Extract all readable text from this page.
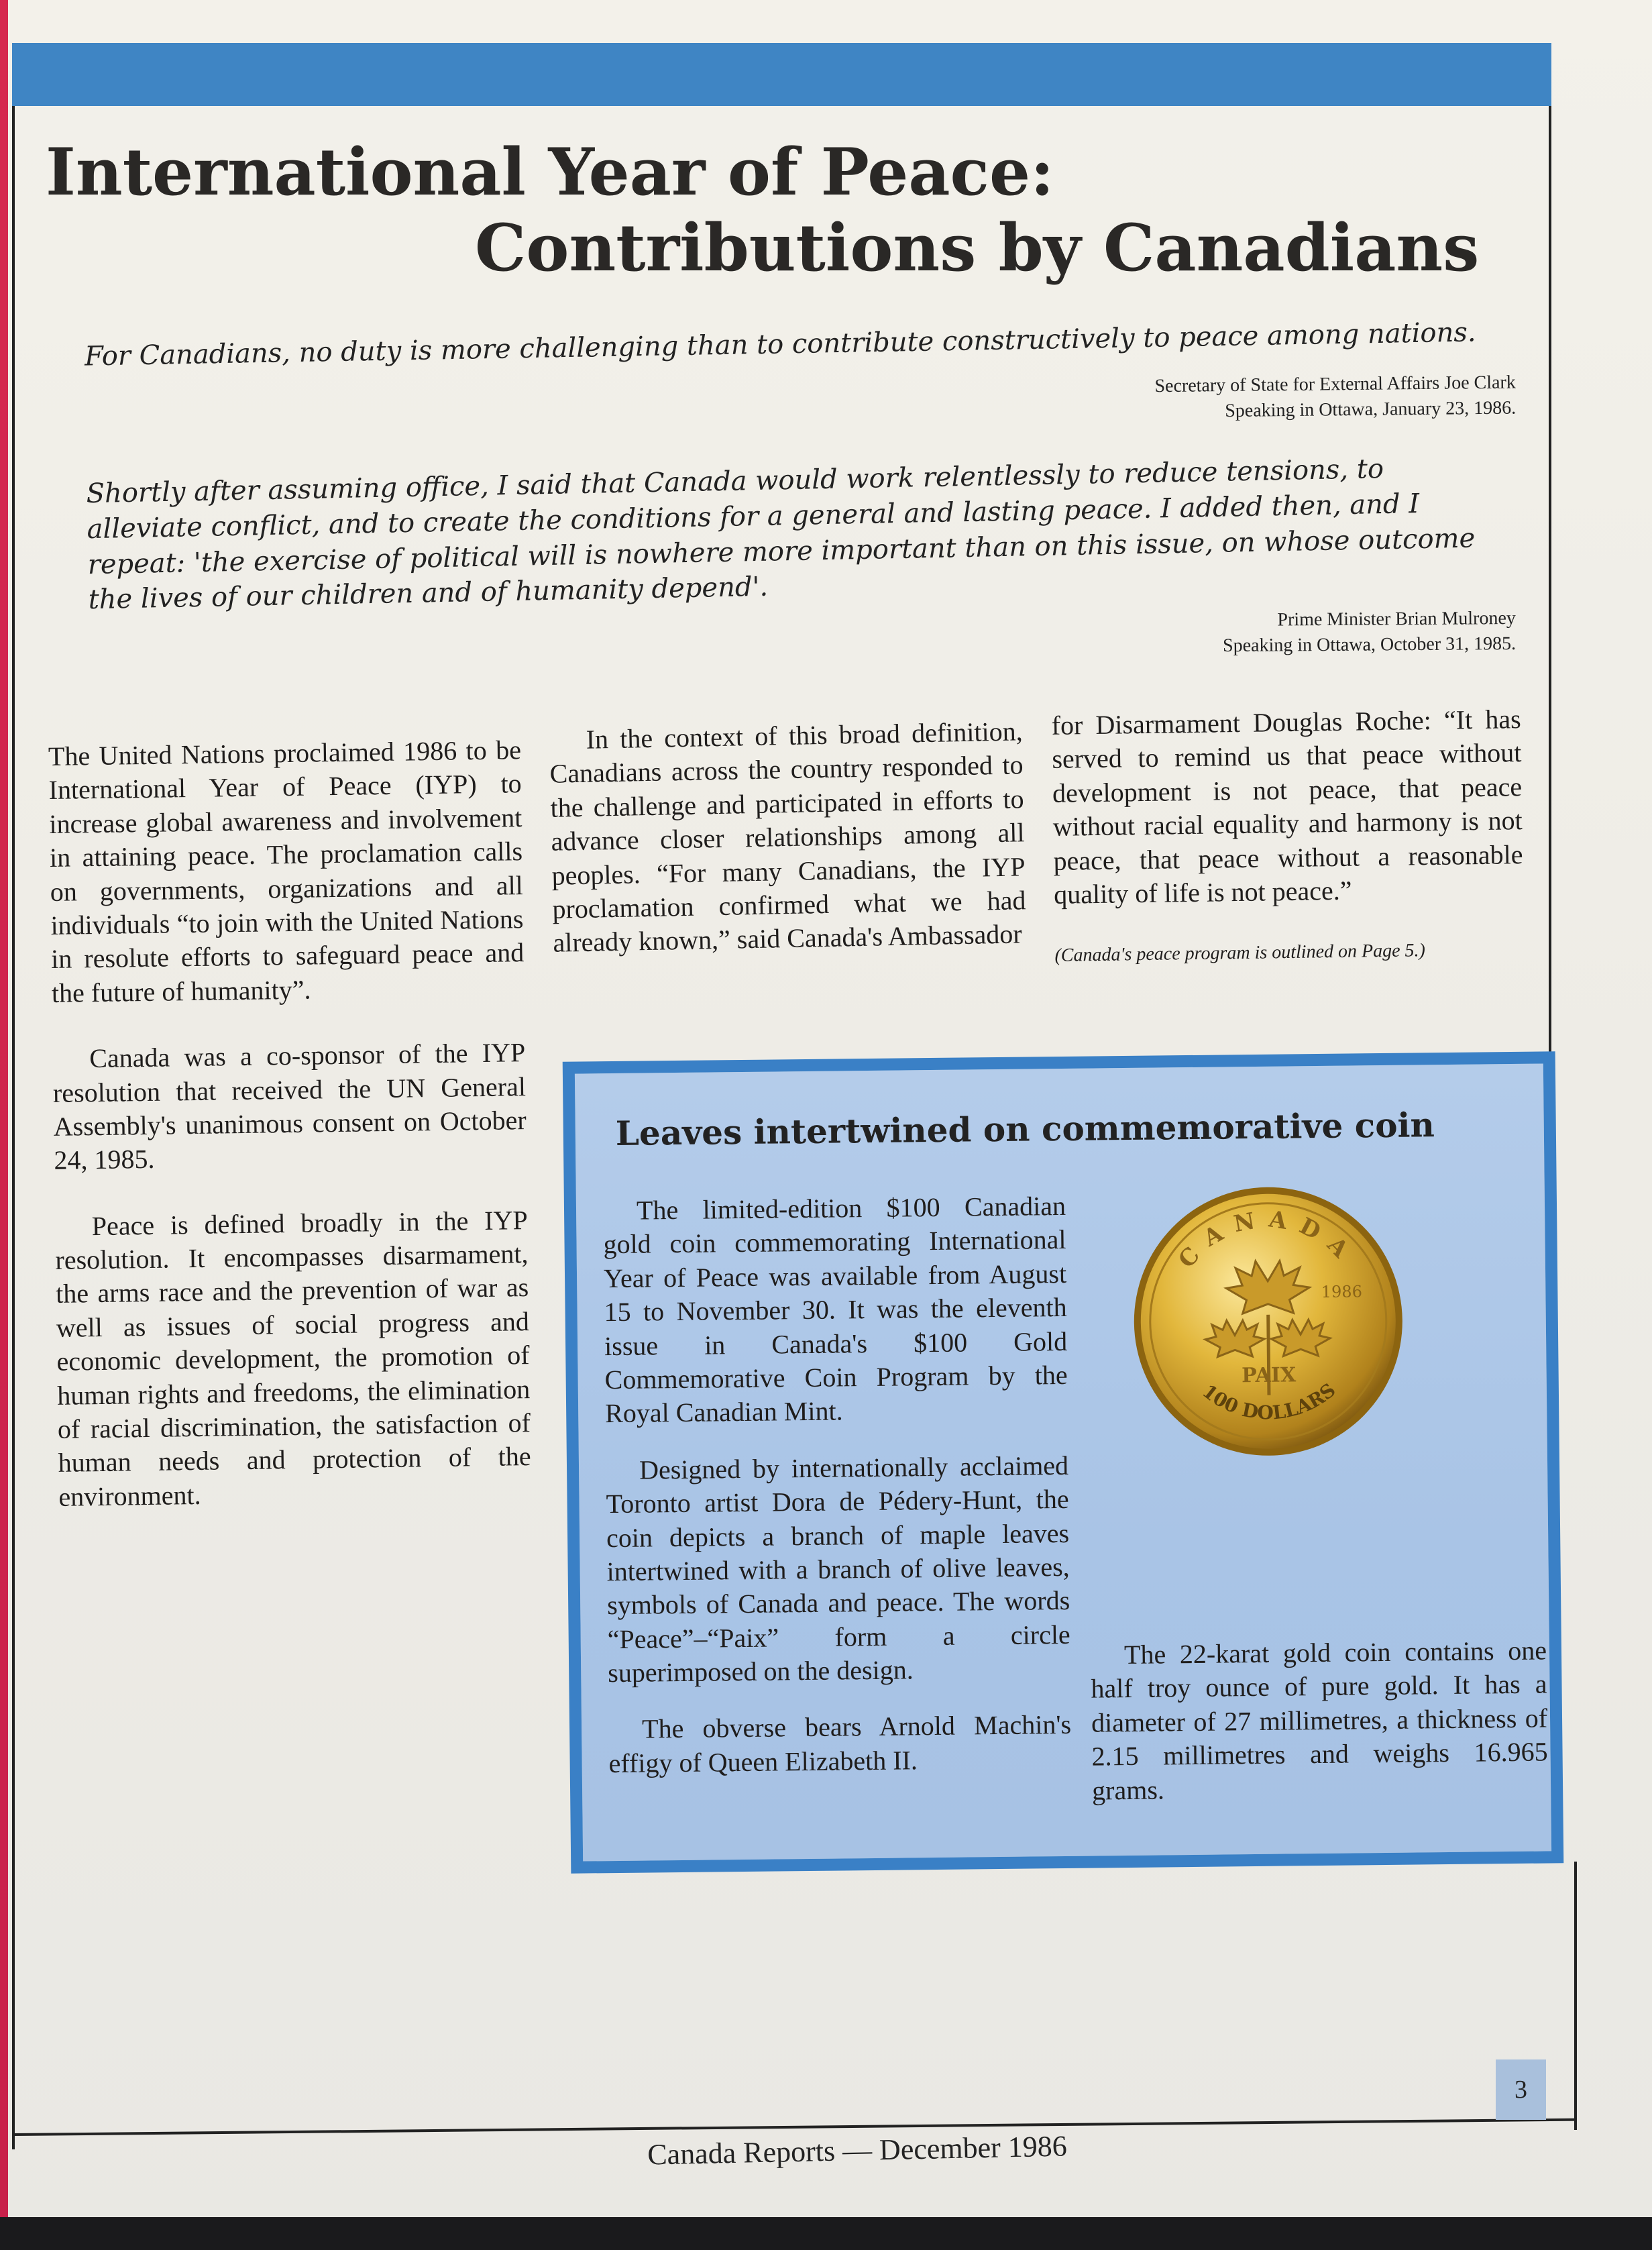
International Year of Peace:
Contributions by Canadians
For Canadians, no duty is more challenging than to contribute constructively to peace among nations.
Secretary of State for External Affairs Joe Clark
Speaking in Ottawa, January 23, 1986.
Shortly after assuming office, I said that Canada would work relentlessly to reduce tensions, to alleviate conflict, and to create the conditions for a general and lasting peace. I added then, and I repeat: 'the exercise of political will is nowhere more important than on this issue, on whose outcome the lives of our children and of humanity depend'.
Prime Minister Brian Mulroney
Speaking in Ottawa, October 31, 1985.

The United Nations proclaimed 1986 to be International Year of Peace (IYP) to increase global awareness and involvement in attaining peace. The proclamation calls on governments, organizations and all individuals “to join with the United Nations in resolute efforts to safeguard peace and the future of humanity”.

Canada was a co-sponsor of the IYP resolution that received the UN General Assembly's unanimous consent on October 24, 1985.

Peace is defined broadly in the IYP resolution. It encompasses disarmament, the arms race and the prevention of war as well as issues of social progress and economic development, the promotion of human rights and freedoms, the elimination of racial discrimination, the satisfaction of human needs and protection of the environment.

In the context of this broad definition, Canadians across the country responded to the challenge and participated in efforts to advance closer relationships among all peoples. “For many Canadians, the IYP proclamation confirmed what we had already known,” said Canada's Ambassador

for Disarmament Douglas Roche: “It has served to remind us that peace without development is not peace, that peace without racial equality and harmony is not peace, that peace without a reasonable quality of life is not peace.”

(Canada's peace program is outlined on Page 5.)
Leaves intertwined on commemorative coin

The limited-edition $100 Canadian gold coin commemorating International Year of Peace was available from August 15 to November 30. It was the eleventh issue in Canada's $100 Gold Commemorative Coin Program by the Royal Canadian Mint.

Designed by internationally acclaimed Toronto artist Dora de Pédery-Hunt, the coin depicts a branch of maple leaves intertwined with a branch of olive leaves, symbols of Canada and peace. The words “Peace”–“Paix” form a circle superimposed on the design.

The obverse bears Arnold Machin's effigy of Queen Elizabeth II.

PAIX
1986
CANADA
100 DOLLARS

The 22-karat gold coin contains one half troy ounce of pure gold. It has a diameter of 27 millimetres, a thickness of 2.15 millimetres and weighs 16.965 grams.

3
Canada Reports — December 1986
